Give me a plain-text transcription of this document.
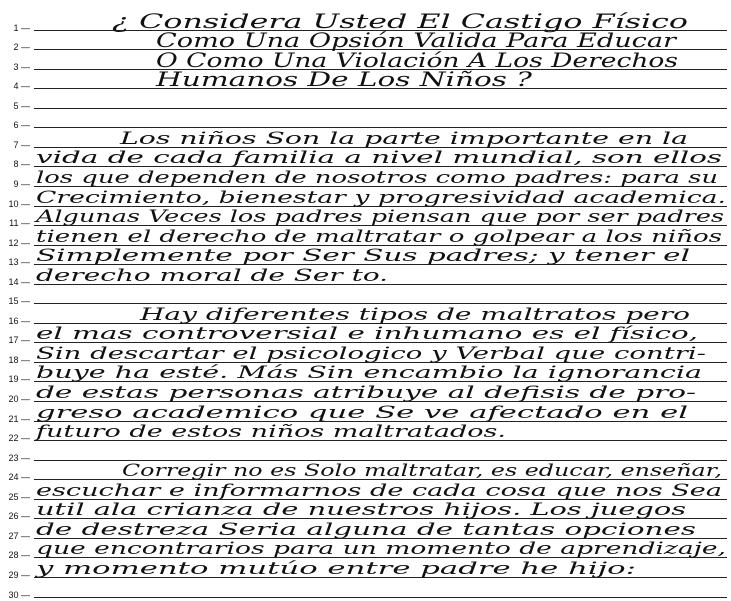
1 —	¿ Considera Usted El Castigo Físico
2 —	Como Una Opsión Valida Para Educar
3 —	O Como Una Violación A Los Derechos
4 —	Humanos De Los Niños ?
5 —
6 —
7 —	Los niños Son la parte importante en la
8 —	vida de cada familia a nivel mundial, son ellos
9 —	los que dependen de nosotros como padres: para su
10 —	Crecimiento, bienestar y progresividad academica.
11 —	Algunas Veces los padres piensan que por ser padres
12 —	tienen el derecho de maltratar o golpear a los niños
13 —	Simplemente por Ser Sus padres; y tener el
14 —	derecho moral de Ser to.
15 —
16 —	Hay diferentes tipos de maltratos pero
17 —	el mas controversial e inhumano es el físico,
18 —	Sin descartar el psicologico y Verbal que contri-
19 —	buye ha esté. Más Sin encambio la ignorancia
20 —	de estas personas atribuye al defisis de pro-
21 —	greso academico que Se ve afectado en el
22 —	futuro de estos niños maltratados.
23 —
24 —	Corregir no es Solo maltratar, es educar, enseñar,
25 —	escuchar e informarnos de cada cosa que nos Sea
26 —	util ala crianza de nuestros hijos. Los juegos
27 —	de destreza Seria alguna de tantas opciones
28 —	que encontrarios para un momento de aprendizaje,
29 —	y momento mutúo entre padre he hijo:
30 —
